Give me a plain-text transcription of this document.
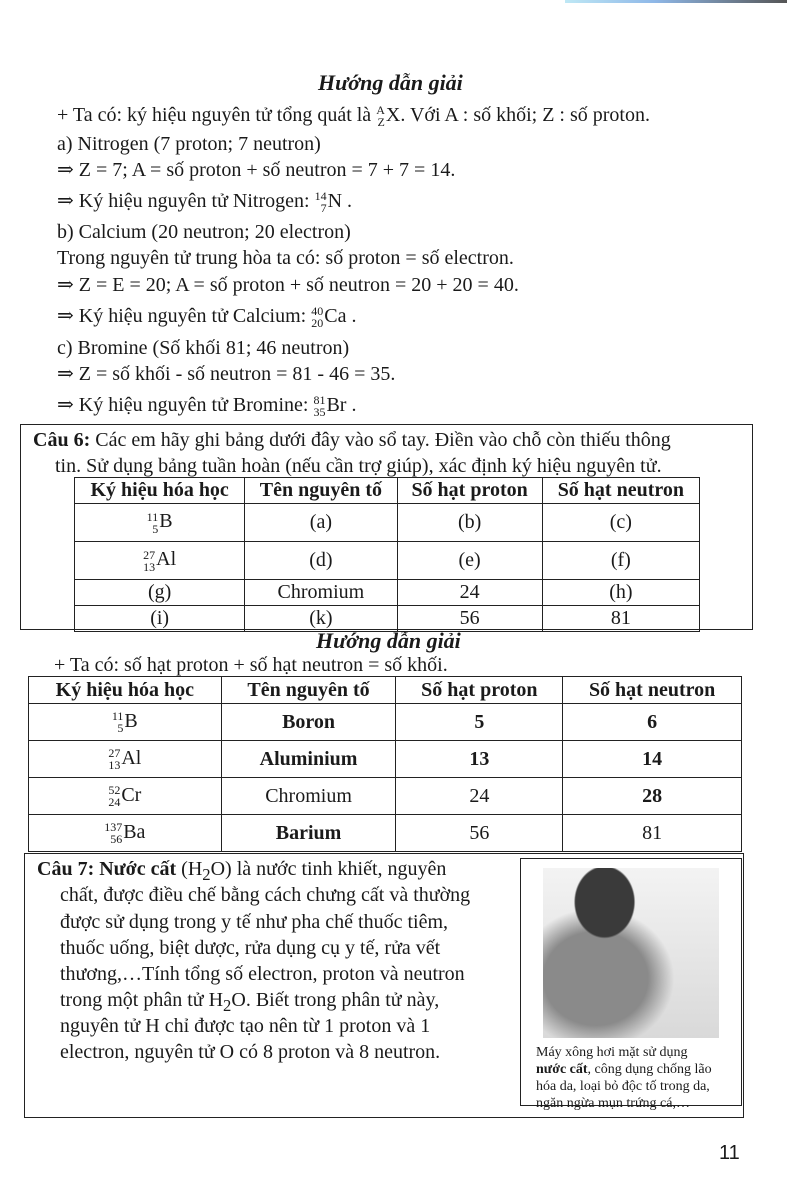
Hướng dẫn giải
+ Ta có: ký hiệu nguyên tử tổng quát là A
Z X. Với A : số khối; Z : số proton.
a) Nitrogen (7 proton; 7 neutron)
⇒ Z = 7; A = số proton + số neutron = 7 + 7 = 14.
⇒ Ký hiệu nguyên tử Nitrogen: 14
7 N .
b) Calcium (20 neutron; 20 electron)
Trong nguyên tử trung hòa ta có: số proton = số electron.
⇒ Z = E = 20; A = số proton + số neutron = 20 + 20 = 40.
⇒ Ký hiệu nguyên tử Calcium: 40
20 Ca .
c) Bromine (Số khối 81; 46 neutron)
⇒ Z = số khối - số neutron = 81 - 46 = 35.
⇒ Ký hiệu nguyên tử Bromine: 81
35 Br .
Câu 6: Các em hãy ghi bảng dưới đây vào sổ tay. Điền vào chỗ còn thiếu thông
tin. Sử dụng bảng tuần hoàn (nếu cần trợ giúp), xác định ký hiệu nguyên tử.
Ký hiệu hóa học	Tên nguyên tố	Số hạt proton	Số hạt neutron

11
5 B	(a)	(b)	(c)

27
13 Al	(d)	(e)	(f)
(g)	Chromium	24	(h)
(i)	(k)	56	81
Hướng dẫn giải
+ Ta có: số hạt proton + số hạt neutron = số khối.
Ký hiệu hóa học	Tên nguyên tố	Số hạt proton	Số hạt neutron

11
5 B	Boron	5	6

27
13 Al	Aluminium	13	14

52
24 Cr	Chromium	24	28

137
56 Ba	Barium	56	81
Câu 7: Nước cất $(H_2O)$ là nước tinh khiết, nguyên
chất, được điều chế bằng cách chưng cất và thường
được sử dụng trong y tế như pha chế thuốc tiêm,
thuốc uống, biệt dược, rửa dụng cụ y tế, rửa vết
thương,…Tính tổng số electron, proton và neutron
trong một phân tử $H_2O$. Biết trong phân tử này,
nguyên tử H chỉ được tạo nên từ 1 proton và 1
electron, nguyên tử O có 8 proton và 8 neutron.	Máy xông hơi mặt sử dụng
nước cất, công dụng chống lão
hóa da, loại bỏ độc tố trong da,
ngăn ngừa mụn trứng cá,…
11
